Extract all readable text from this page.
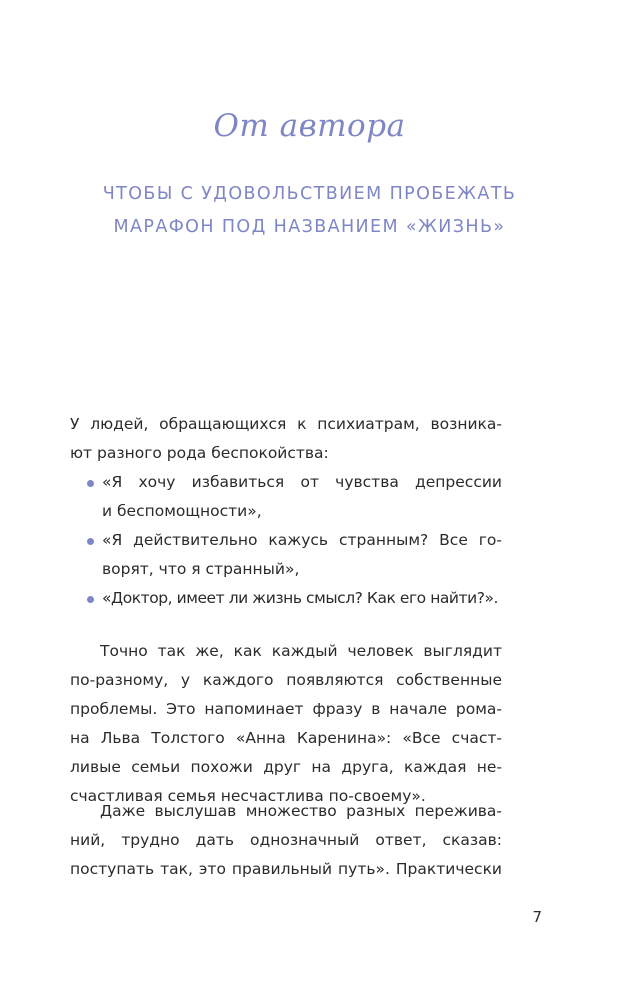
От автора
ЧТОБЫ С УДОВОЛЬСТВИЕМ ПРОБЕЖАТЬ
МАРАФОН ПОД НАЗВАНИЕМ «ЖИЗНЬ»
У людей, обращающихся к психиатрам, возника-
ют разного рода беспокойства:
«Я хочу избавиться от чувства депрессии
и беспомощности»,
«Я действительно кажусь странным? Все го-
ворят, что я странный»,
«Доктор, имеет ли жизнь смысл? Как его найти?».
Точно так же, как каждый человек выглядит
по-разному, у каждого появляются собственные
проблемы. Это напоминает фразу в начале рома-
на Льва Толстого «Анна Каренина»: «Все счаст-
ливые семьи похожи друг на друга, каждая не-
счастливая семья несчастлива по-своему».
Даже выслушав множество разных пережива-
ний, трудно дать однозначный ответ, сказав:
поступать так, это правильный путь». Практически
7
